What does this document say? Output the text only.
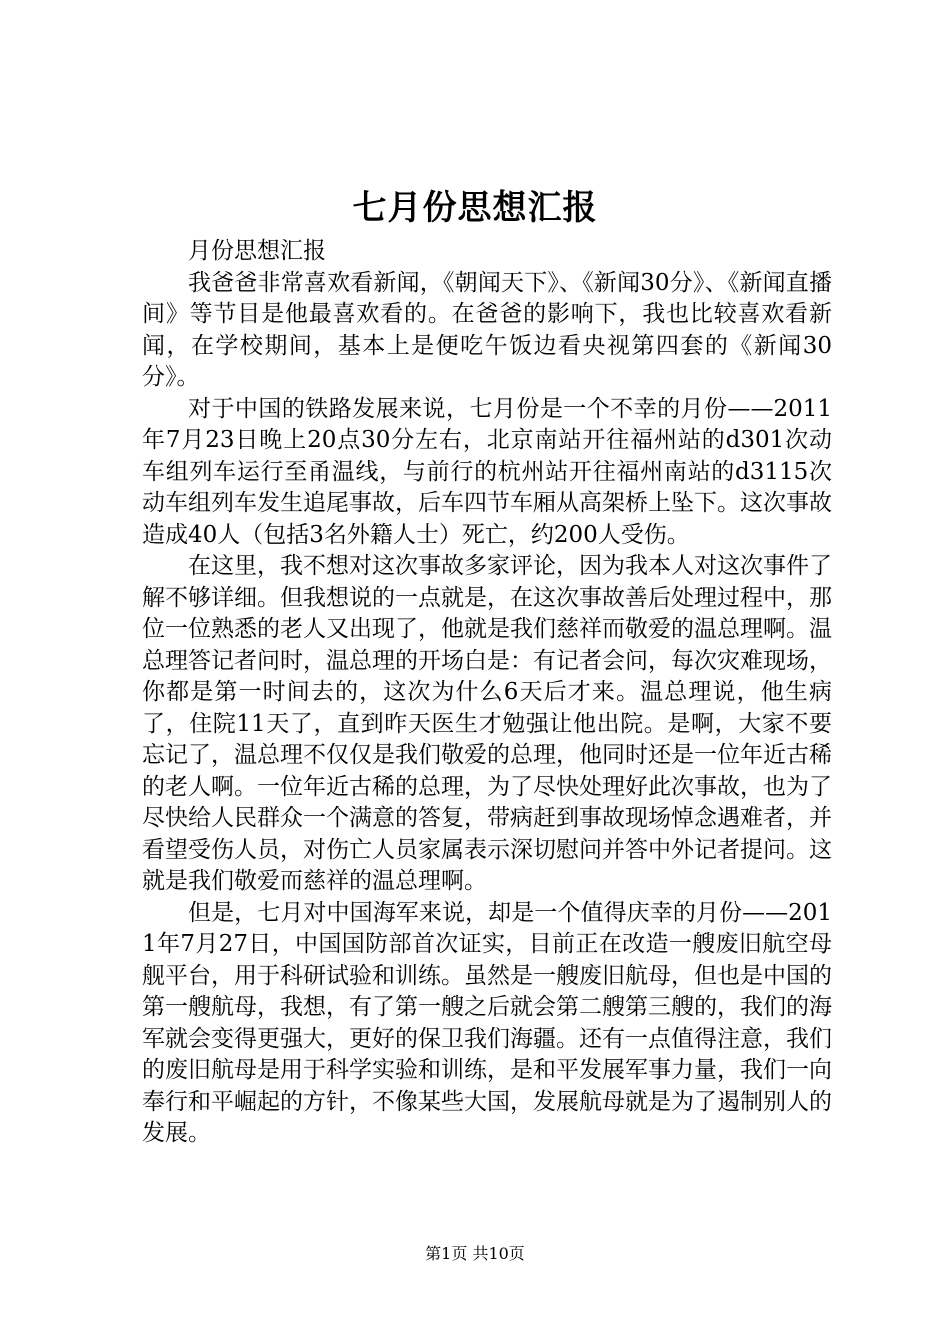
七月份思想汇报

月份思想汇报

我爸爸非常喜欢看新闻，《朝闻天下》、《新闻30分》、《新闻直播间》等节目是他最喜欢看的。在爸爸的影响下，我也比较喜欢看新闻，在学校期间，基本上是便吃午饭边看央视第四套的《新闻30分》。

对于中国的铁路发展来说，七月份是一个不幸的月份——2011年7月23日晚上20点30分左右，北京南站开往福州站的d301次动车组列车运行至甬温线，与前行的杭州站开往福州南站的d3115次动车组列车发生追尾事故，后车四节车厢从高架桥上坠下。这次事故造成40人（包括3名外籍人士）死亡，约200人受伤。

在这里，我不想对这次事故多家评论，因为我本人对这次事件了解不够详细。但我想说的一点就是，在这次事故善后处理过程中，那位一位熟悉的老人又出现了，他就是我们慈祥而敬爱的温总理啊。温总理答记者问时，温总理的开场白是：有记者会问，每次灾难现场，你都是第一时间去的，这次为什么6天后才来。温总理说，他生病了，住院11天了，直到昨天医生才勉强让他出院。是啊，大家不要忘记了，温总理不仅仅是我们敬爱的总理，他同时还是一位年近古稀的老人啊。一位年近古稀的总理，为了尽快处理好此次事故，也为了尽快给人民群众一个满意的答复，带病赶到事故现场悼念遇难者，并看望受伤人员，对伤亡人员家属表示深切慰问并答中外记者提问。这就是我们敬爱而慈祥的温总理啊。

但是，七月对中国海军来说，却是一个值得庆幸的月份——2011年7月27日，中国国防部首次证实，目前正在改造一艘废旧航空母舰平台，用于科研试验和训练。虽然是一艘废旧航母，但也是中国的第一艘航母，我想，有了第一艘之后就会第二艘第三艘的，我们的海军就会变得更强大，更好的保卫我们海疆。还有一点值得注意，我们的废旧航母是用于科学实验和训练，是和平发展军事力量，我们一向奉行和平崛起的方针，不像某些大国，发展航母就是为了遏制别人的发展。

第1页 共10页
